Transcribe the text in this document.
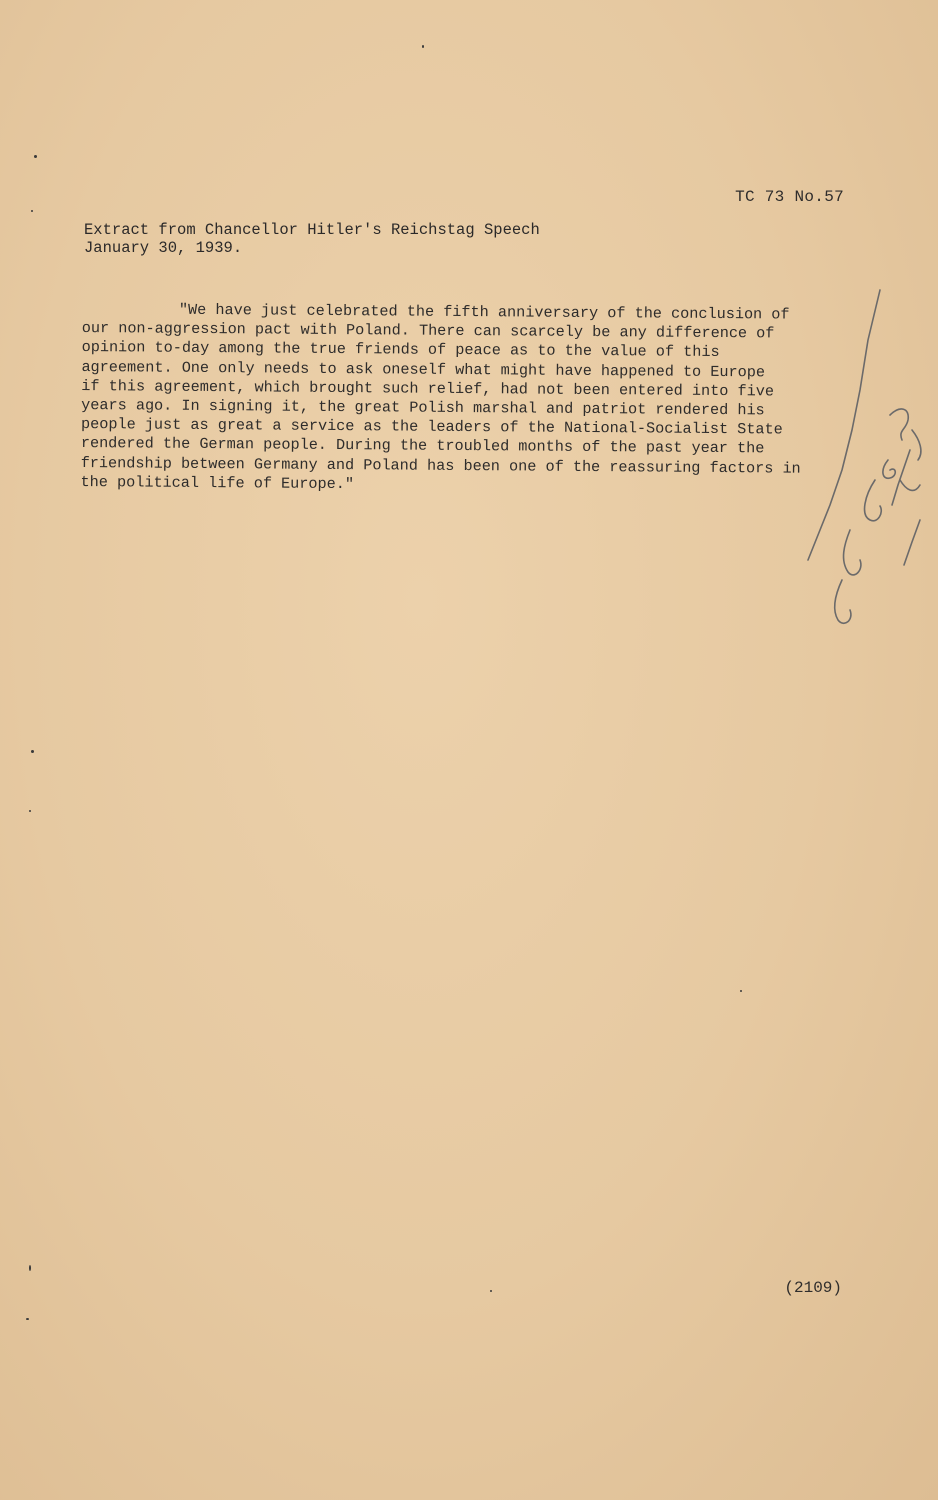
TC 73 No.57
Extract from Chancellor Hitler's Reichstag Speech
January 30, 1939.
"We have just celebrated the fifth anniversary of the conclusion of
our non-aggression pact with Poland. There can scarcely be any difference of
opinion to-day among the true friends of peace as to the value of this
agreement. One only needs to ask oneself what might have happened to Europe
if this agreement, which brought such relief, had not been entered into five
years ago. In signing it, the great Polish marshal and patriot rendered his
people just as great a service as the leaders of the National-Socialist State
rendered the German people. During the troubled months of the past year the
friendship between Germany and Poland has been one of the reassuring factors in
the political life of Europe."
(2109)
